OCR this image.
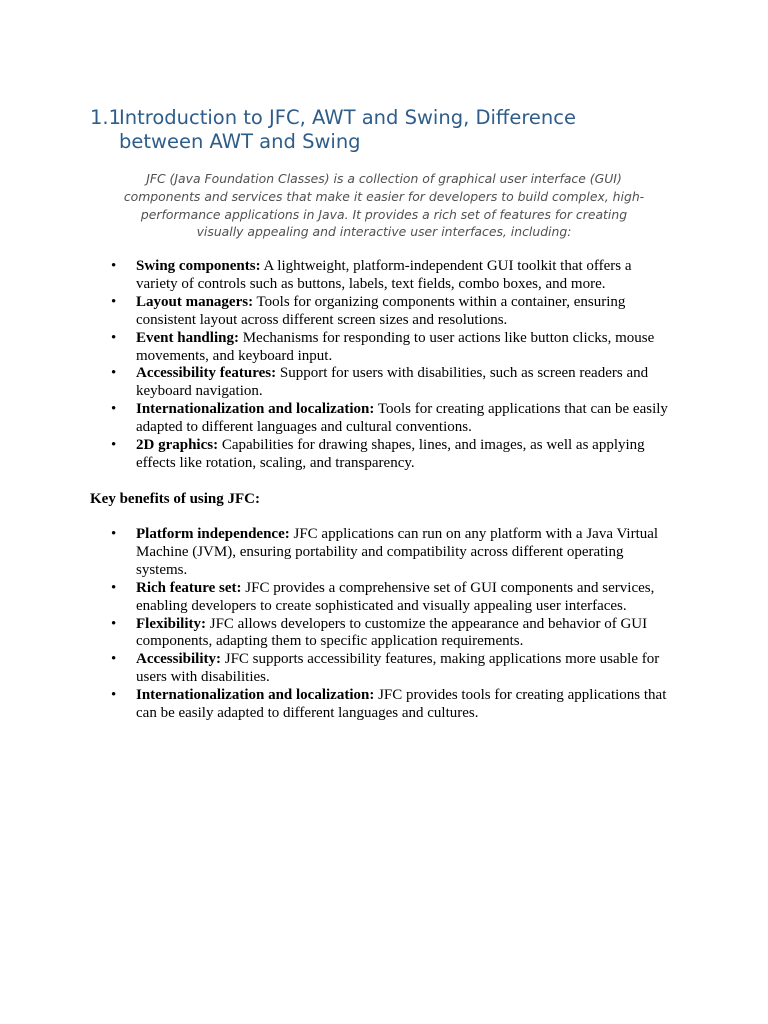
1.1Introduction to JFC, AWT and Swing, Difference
between AWT and Swing

JFC (Java Foundation Classes) is a collection of graphical user interface (GUI)
components and services that make it easier for developers to build complex, high-
performance applications in Java. It provides a rich set of features for creating
visually appealing and interactive user interfaces, including:

• Swing components: A lightweight, platform-independent GUI toolkit that offers a
variety of controls such as buttons, labels, text fields, combo boxes, and more.
• Layout managers: Tools for organizing components within a container, ensuring
consistent layout across different screen sizes and resolutions.
• Event handling: Mechanisms for responding to user actions like button clicks, mouse
movements, and keyboard input.
• Accessibility features: Support for users with disabilities, such as screen readers and
keyboard navigation.
• Internationalization and localization: Tools for creating applications that can be easily
adapted to different languages and cultural conventions.
• 2D graphics: Capabilities for drawing shapes, lines, and images, as well as applying
effects like rotation, scaling, and transparency.

Key benefits of using JFC:

• Platform independence: JFC applications can run on any platform with a Java Virtual
Machine (JVM), ensuring portability and compatibility across different operating
systems.
• Rich feature set: JFC provides a comprehensive set of GUI components and services,
enabling developers to create sophisticated and visually appealing user interfaces.
• Flexibility: JFC allows developers to customize the appearance and behavior of GUI
components, adapting them to specific application requirements.
• Accessibility: JFC supports accessibility features, making applications more usable for
users with disabilities.
• Internationalization and localization: JFC provides tools for creating applications that
can be easily adapted to different languages and cultures.
